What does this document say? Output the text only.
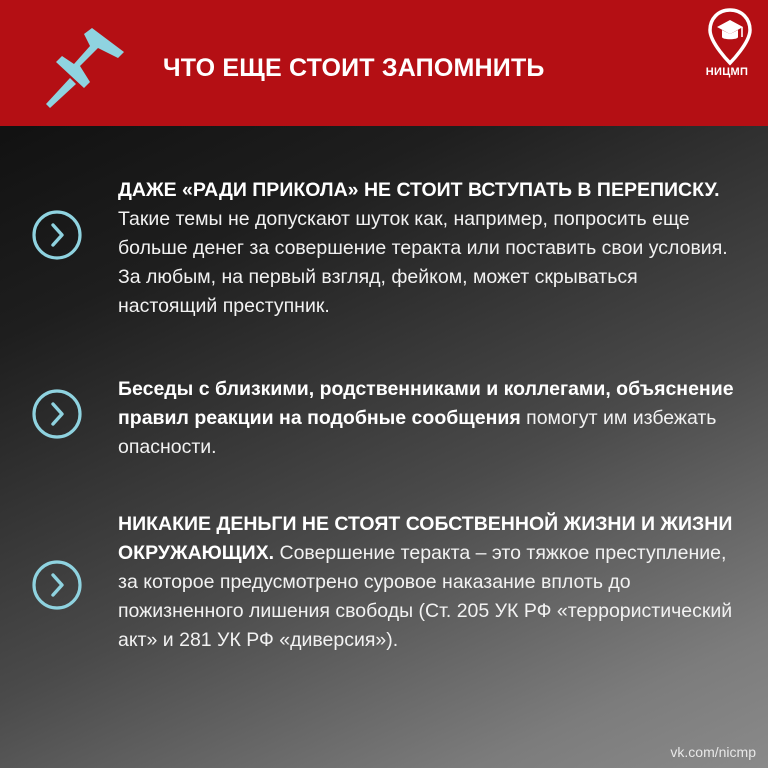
ЧТО ЕЩЕ СТОИТ ЗАПОМНИТЬ	НИЦМП
ДАЖЕ «РАДИ ПРИКОЛА» НЕ СТОИТ ВСТУПАТЬ В ПЕРЕПИСКУ. Такие темы не допускают шуток как, например, попросить еще больше денег за совершение теракта или поставить свои условия. За любым, на первый взгляд, фейком, может скрываться настоящий преступник.
Беседы с близкими, родственниками и коллегами, объяснение правил реакции на подобные сообщения помогут им избежать опасности.
НИКАКИЕ ДЕНЬГИ НЕ СТОЯТ СОБСТВЕННОЙ ЖИЗНИ И ЖИЗНИ ОКРУЖАЮЩИХ. Совершение теракта – это тяжкое преступление, за которое предусмотрено суровое наказание вплоть до пожизненного лишения свободы (Ст. 205 УК РФ «террористический акт» и 281 УК РФ «диверсия»).
vk.com/nicmp
